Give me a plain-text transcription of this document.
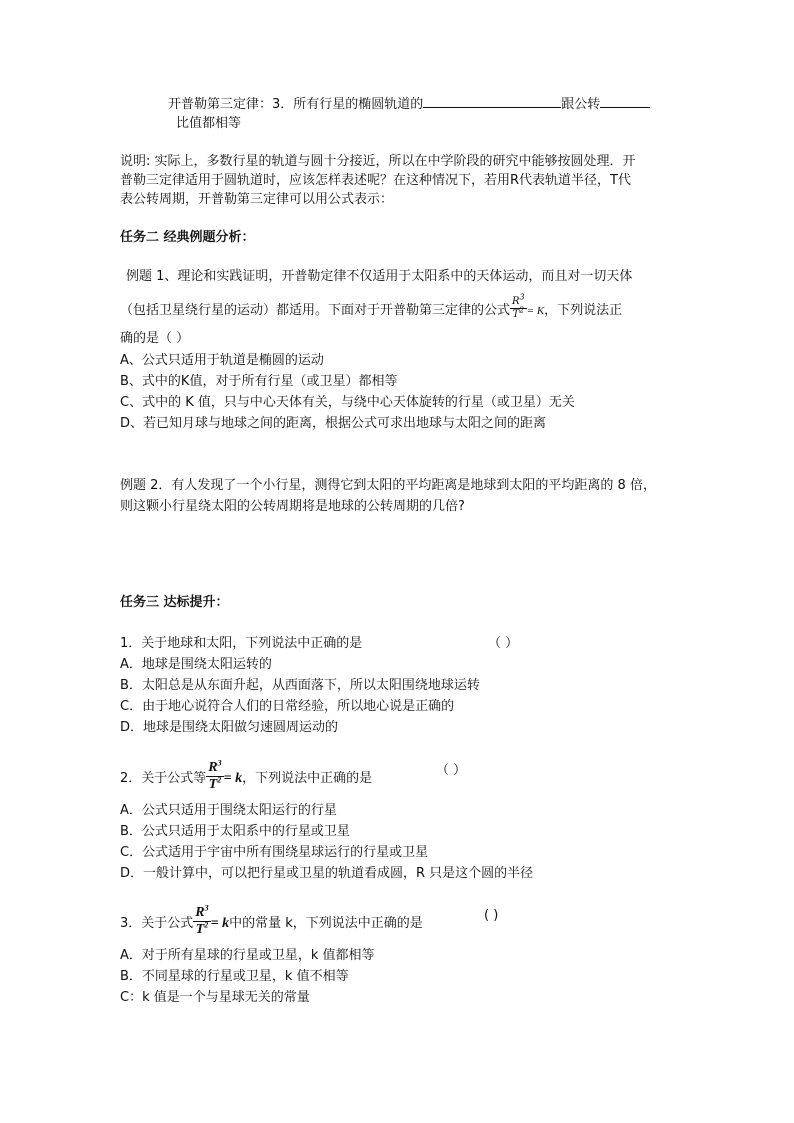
开普勒第三定律：3．所有行星的椭圆轨道的	跟公转
比值都相等
说明: 实际上，多数行星的轨道与圆十分接近，所以在中学阶段的研究中能够按圆处理．开
普勒三定律适用于圆轨道时，应该怎样表述呢？在这种情况下，若用R代表轨道半径，T代
表公转周期，开普勒第三定律可以用公式表示：
任务二 经典例题分析：
例题 1、理论和实践证明，开普勒定律不仅适用于太阳系中的天体运动，而且对一切天体
（包括卫星绕行星的运动）都适用。下面对于开普勒第三定律的公式 $\frac{R^3}{T^2} = K$，下列说法正
确的是（ ）
A、公式只适用于轨道是椭圆的运动
B、式中的K值，对于所有行星（或卫星）都相等
C、式中的 K 值，只与中心天体有关，与绕中心天体旋转的行星（或卫星）无关
D、若已知月球与地球之间的距离，根据公式可求出地球与太阳之间的距离
例题 2．有人发现了一个小行星，测得它到太阳的平均距离是地球到太阳的平均距离的 8 倍，
则这颗小行星绕太阳的公转周期将是地球的公转周期的几倍?
任务三 达标提升：
1．关于地球和太阳，下列说法中正确的是	（ ）
A．地球是围绕太阳运转的
B．太阳总是从东面升起，从西面落下，所以太阳围绕地球运转
C．由于地心说符合人们的日常经验，所以地心说是正确的
D．地球是围绕太阳做匀速圆周运动的
2．关于公式等 $\frac{R^3}{T^2} = k$，下列说法中正确的是
（ ）
A．公式只适用于围绕太阳运行的行星
B．公式只适用于太阳系中的行星或卫星
C．公式适用于宇宙中所有围绕星球运行的行星或卫星
D．一般计算中，可以把行星或卫星的轨道看成圆，R 只是这个圆的半径
3．关于公式 $\frac{R^3}{T^2} = k$中的常量 k，下列说法中正确的是
( )
A．对于所有星球的行星或卫星，k 值都相等
B．不同星球的行星或卫星，k 值不相等
C：k 值是一个与星球无关的常量
